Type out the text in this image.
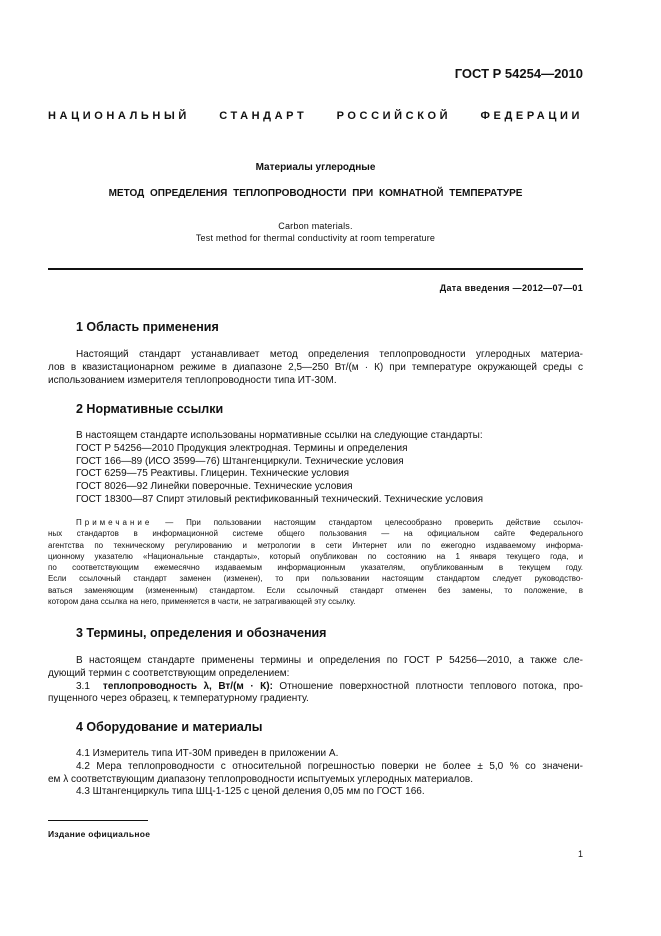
ГОСТ Р 54254—2010
НАЦИОНАЛЬНЫЙ СТАНДАРТ РОССИЙСКОЙ ФЕДЕРАЦИИ
Материалы углеродные
МЕТОД ОПРЕДЕЛЕНИЯ ТЕПЛОПРОВОДНОСТИ ПРИ КОМНАТНОЙ ТЕМПЕРАТУРЕ
Carbon materials.
Test method for thermal conductivity at room temperature
Дата введения —2012—07—01
1 Область применения
Настоящий стандарт устанавливает метод определения теплопроводности углеродных материа-
лов в квазистационарном режиме в диапазоне 2,5—250 Вт/(м · К) при температуре окружающей среды с
использованием измерителя теплопроводности типа ИТ-30М.
2 Нормативные ссылки
В настоящем стандарте использованы нормативные ссылки на следующие стандарты:
ГОСТ Р 54256—2010 Продукция электродная. Термины и определения
ГОСТ 166—89 (ИСО 3599—76) Штангенциркули. Технические условия
ГОСТ 6259—75 Реактивы. Глицерин. Технические условия
ГОСТ 8026—92 Линейки поверочные. Технические условия
ГОСТ 18300—87 Спирт этиловый ректификованный технический. Технические условия
Примечание — При пользовании настоящим стандартом целесообразно проверить действие ссылоч-
ных стандартов в информационной системе общего пользования — на официальном сайте Федерального
агентства по техническому регулированию и метрологии в сети Интернет или по ежегодно издаваемому информа-
ционному указателю «Национальные стандарты», который опубликован по состоянию на 1 января текущего года, и
по соответствующим ежемесячно издаваемым информационным указателям, опубликованным в текущем году.
Если ссылочный стандарт заменен (изменен), то при пользовании настоящим стандартом следует руководство-
ваться заменяющим (измененным) стандартом. Если ссылочный стандарт отменен без замены, то положение, в
котором дана ссылка на него, применяется в части, не затрагивающей эту ссылку.
3 Термины, определения и обозначения
В настоящем стандарте применены термины и определения по ГОСТ Р 54256—2010, а также сле-
дующий термин с соответствующим определением:
3.1 теплопроводность λ, Вт/(м · К): Отношение поверхностной плотности теплового потока, про-
пущенного через образец, к температурному градиенту.
4 Оборудование и материалы
4.1 Измеритель типа ИТ-30М приведен в приложении А.
4.2 Мера теплопроводности с относительной погрешностью поверки не более ± 5,0 % со значени-
ем λ соответствующим диапазону теплопроводности испытуемых углеродных материалов.
4.3 Штангенциркуль типа ШЦ-1-125 с ценой деления 0,05 мм по ГОСТ 166.
Издание официальное
1
